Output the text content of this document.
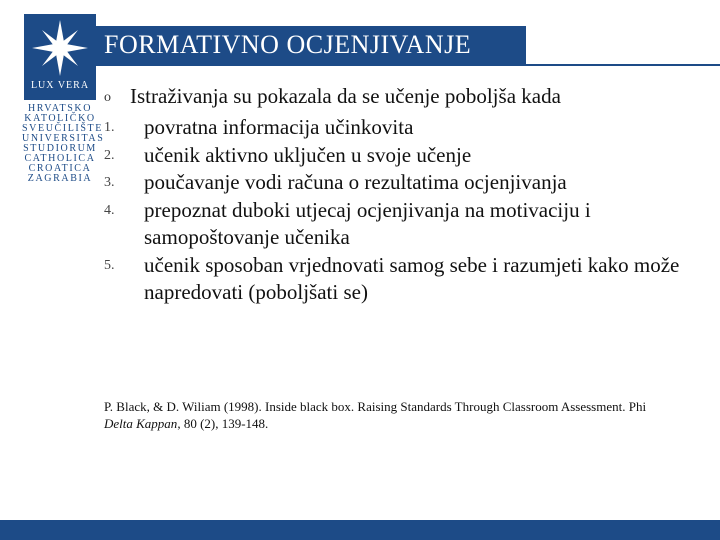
LUX VERA
HRVATSKO
KATOLIČKO
SVEUČILIŠTE
UNIVERSITAS
STUDIORUM
CATHOLICA
CROATICA
ZAGRABIA
FORMATIVNO OCJENJIVANJE
o Istraživanja su pokazala da se učenje poboljša kada
1.	povratna informacija učinkovita
2.	učenik aktivno uključen u svoje učenje
3.	poučavanje vodi računa o rezultatima ocjenjivanja
4.	prepoznat duboki utjecaj ocjenjivanja na motivaciju i samopoštovanje učenika
5.	učenik sposoban vrjednovati samog sebe i razumjeti kako može napredovati (poboljšati se)
P. Black, & D. Wiliam (1998). Inside black box. Raising Standards Through Classroom Assessment. Phi
Delta Kappan, 80 (2), 139-148.
